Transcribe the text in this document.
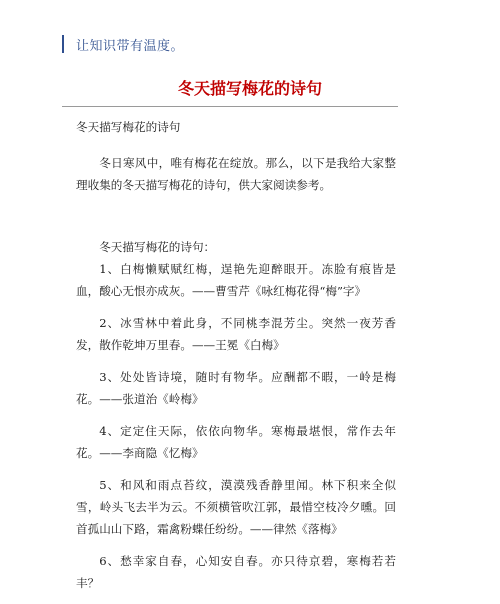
让知识带有温度。
冬天描写梅花的诗句

冬天描写梅花的诗句

冬日寒风中，唯有梅花在绽放。那么，以下是我给大家整理收集的冬天描写梅花的诗句，供大家阅读参考。

冬天描写梅花的诗句：

1、白梅懒赋赋红梅，逞艳先迎醉眼开。冻脸有痕皆是血，酸心无恨亦成灰。——曹雪芹《咏红梅花得“梅”字》

2、冰雪林中着此身，不同桃李混芳尘。突然一夜芳香发，散作乾坤万里春。——王冕《白梅》

3、处处皆诗境，随时有物华。应酬都不暇，一岭是梅花。——张道治《岭梅》

4、定定住天际，依依向物华。寒梅最堪恨，常作去年花。——李商隐《忆梅》

5、和风和雨点苔纹，漠漠残香静里闻。林下积来全似雪，岭头飞去半为云。不须横管吹江郭，最惜空枝冷夕曛。回首孤山山下路，霜禽粉蝶任纷纷。——律然《落梅》

6、愁幸家自春，心知安自春。亦只待京碧，寒梅若若丰？
